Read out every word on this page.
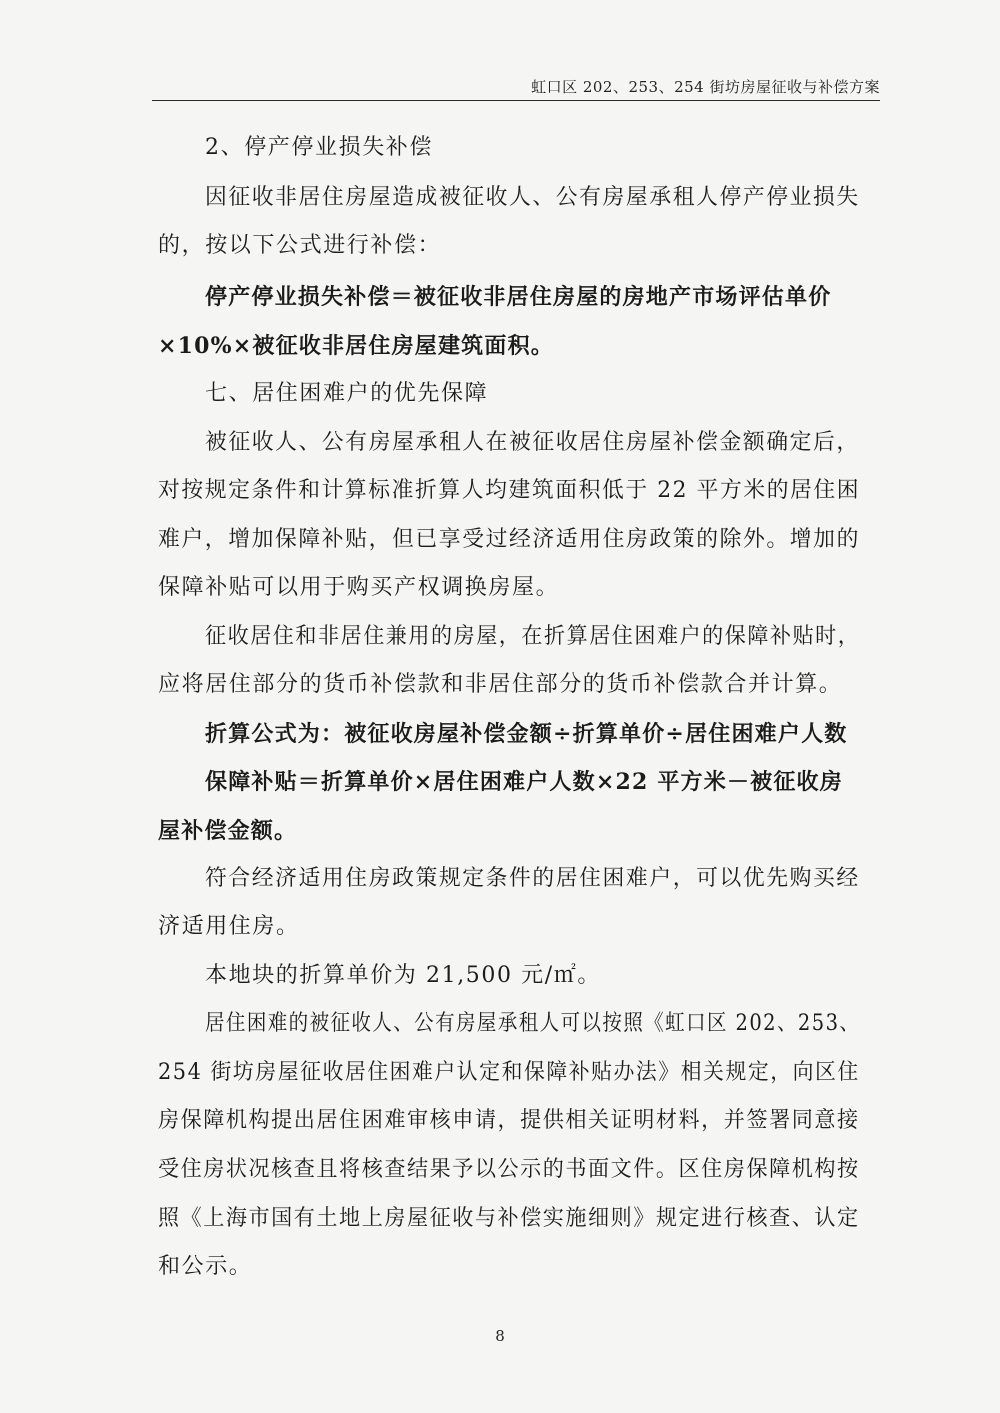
虹口区 202、253、254 街坊房屋征收与补偿方案
2、停产停业损失补偿
因征收非居住房屋造成被征收人、公有房屋承租人停产停业损失
的，按以下公式进行补偿：
停产停业损失补偿＝被征收非居住房屋的房地产市场评估单价
×10%×被征收非居住房屋建筑面积。
七、居住困难户的优先保障
被征收人、公有房屋承租人在被征收居住房屋补偿金额确定后，
对按规定条件和计算标准折算人均建筑面积低于 22 平方米的居住困
难户，增加保障补贴，但已享受过经济适用住房政策的除外。增加的
保障补贴可以用于购买产权调换房屋。
征收居住和非居住兼用的房屋，在折算居住困难户的保障补贴时，
应将居住部分的货币补偿款和非居住部分的货币补偿款合并计算。
折算公式为：被征收房屋补偿金额÷折算单价÷居住困难户人数
保障补贴＝折算单价×居住困难户人数×22 平方米－被征收房
屋补偿金额。
符合经济适用住房政策规定条件的居住困难户，可以优先购买经
济适用住房。
本地块的折算单价为 21,500 元/㎡。
居住困难的被征收人、公有房屋承租人可以按照《虹口区 202、253、
254 街坊房屋征收居住困难户认定和保障补贴办法》相关规定，向区住
房保障机构提出居住困难审核申请，提供相关证明材料，并签署同意接
受住房状况核查且将核查结果予以公示的书面文件。区住房保障机构按
照《上海市国有土地上房屋征收与补偿实施细则》规定进行核查、认定
和公示。
8
